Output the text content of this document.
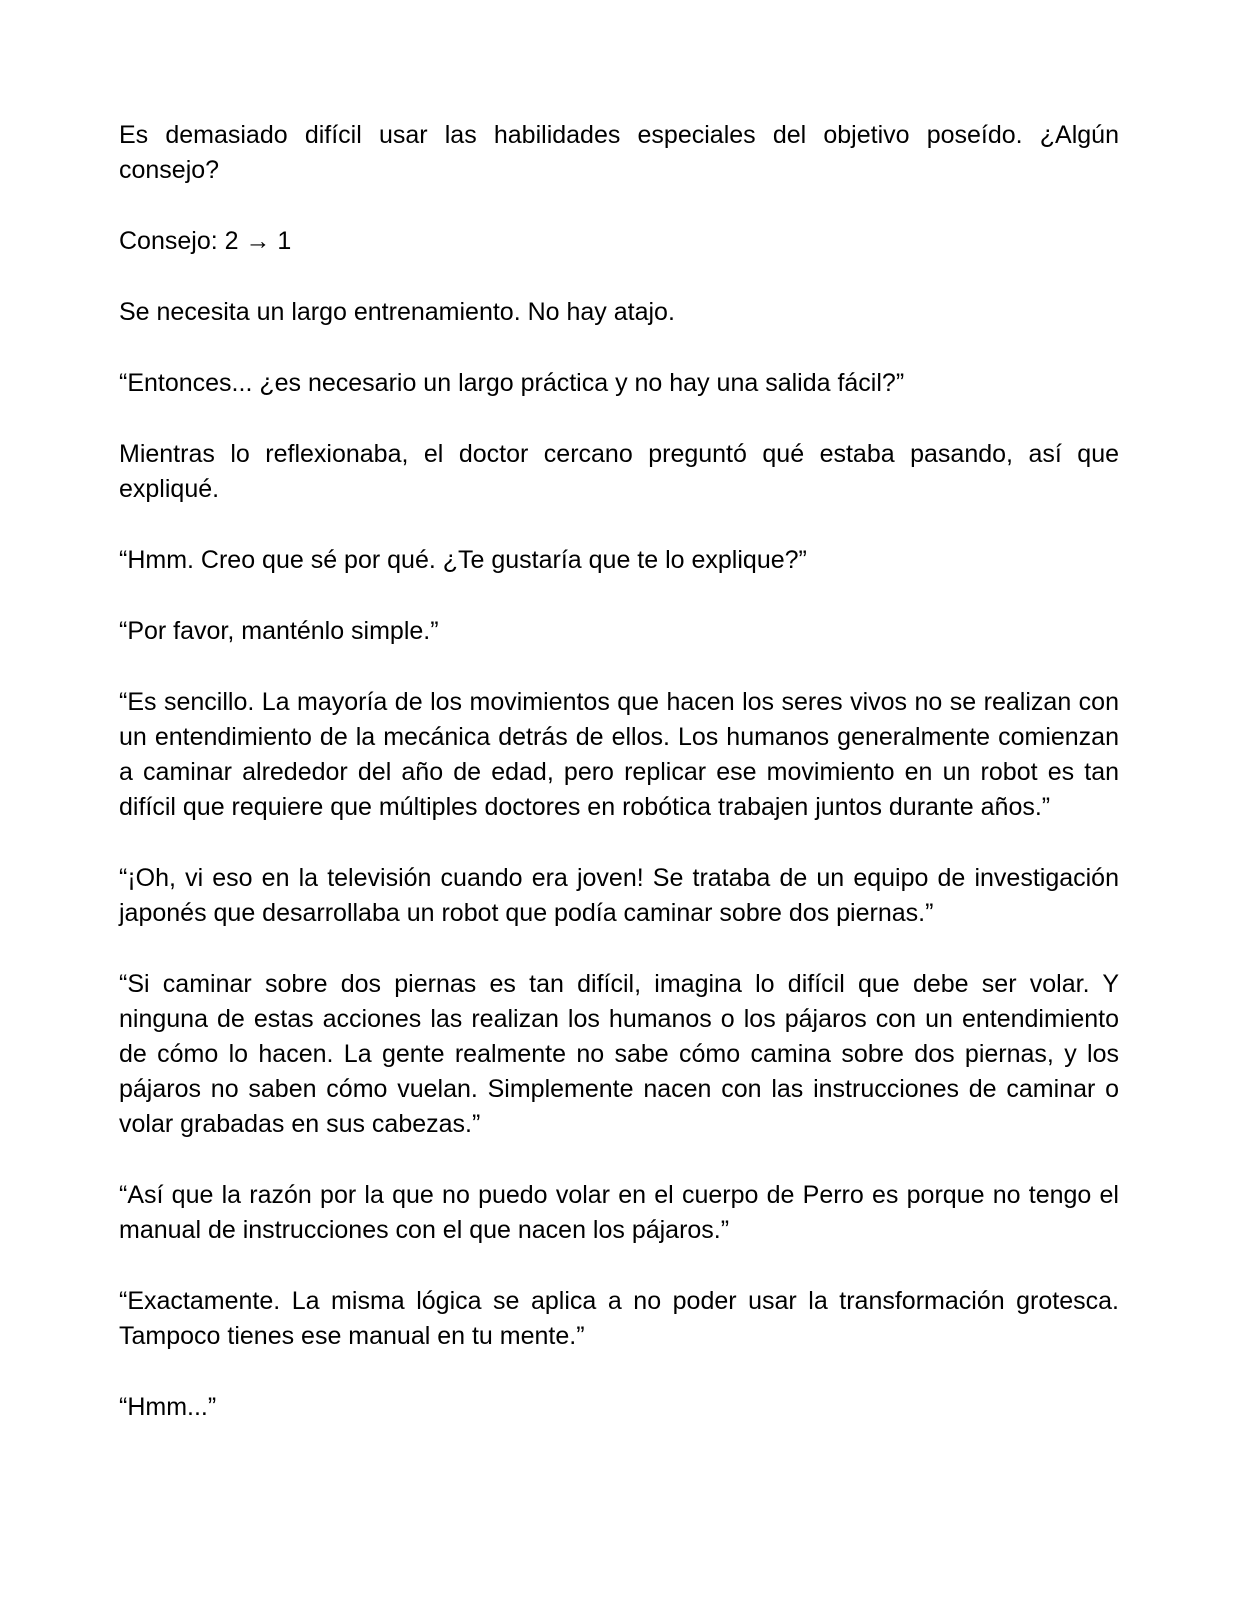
Es demasiado difícil usar las habilidades especiales del objetivo poseído. ¿Algún consejo?

Consejo: 2 → 1

Se necesita un largo entrenamiento. No hay atajo.

“Entonces... ¿es necesario un largo práctica y no hay una salida fácil?”

Mientras lo reflexionaba, el doctor cercano preguntó qué estaba pasando, así que expliqué.

“Hmm. Creo que sé por qué. ¿Te gustaría que te lo explique?”

“Por favor, manténlo simple.”

“Es sencillo. La mayoría de los movimientos que hacen los seres vivos no se realizan con un entendimiento de la mecánica detrás de ellos. Los humanos generalmente comienzan a caminar alrededor del año de edad, pero replicar ese movimiento en un robot es tan difícil que requiere que múltiples doctores en robótica trabajen juntos durante años.”

“¡Oh, vi eso en la televisión cuando era joven! Se trataba de un equipo de investigación japonés que desarrollaba un robot que podía caminar sobre dos piernas.”

“Si caminar sobre dos piernas es tan difícil, imagina lo difícil que debe ser volar. Y ninguna de estas acciones las realizan los humanos o los pájaros con un entendimiento de cómo lo hacen. La gente realmente no sabe cómo camina sobre dos piernas, y los pájaros no saben cómo vuelan. Simplemente nacen con las instrucciones de caminar o volar grabadas en sus cabezas.”

“Así que la razón por la que no puedo volar en el cuerpo de Perro es porque no tengo el manual de instrucciones con el que nacen los pájaros.”

“Exactamente. La misma lógica se aplica a no poder usar la transformación grotesca. Tampoco tienes ese manual en tu mente.”

“Hmm...”
